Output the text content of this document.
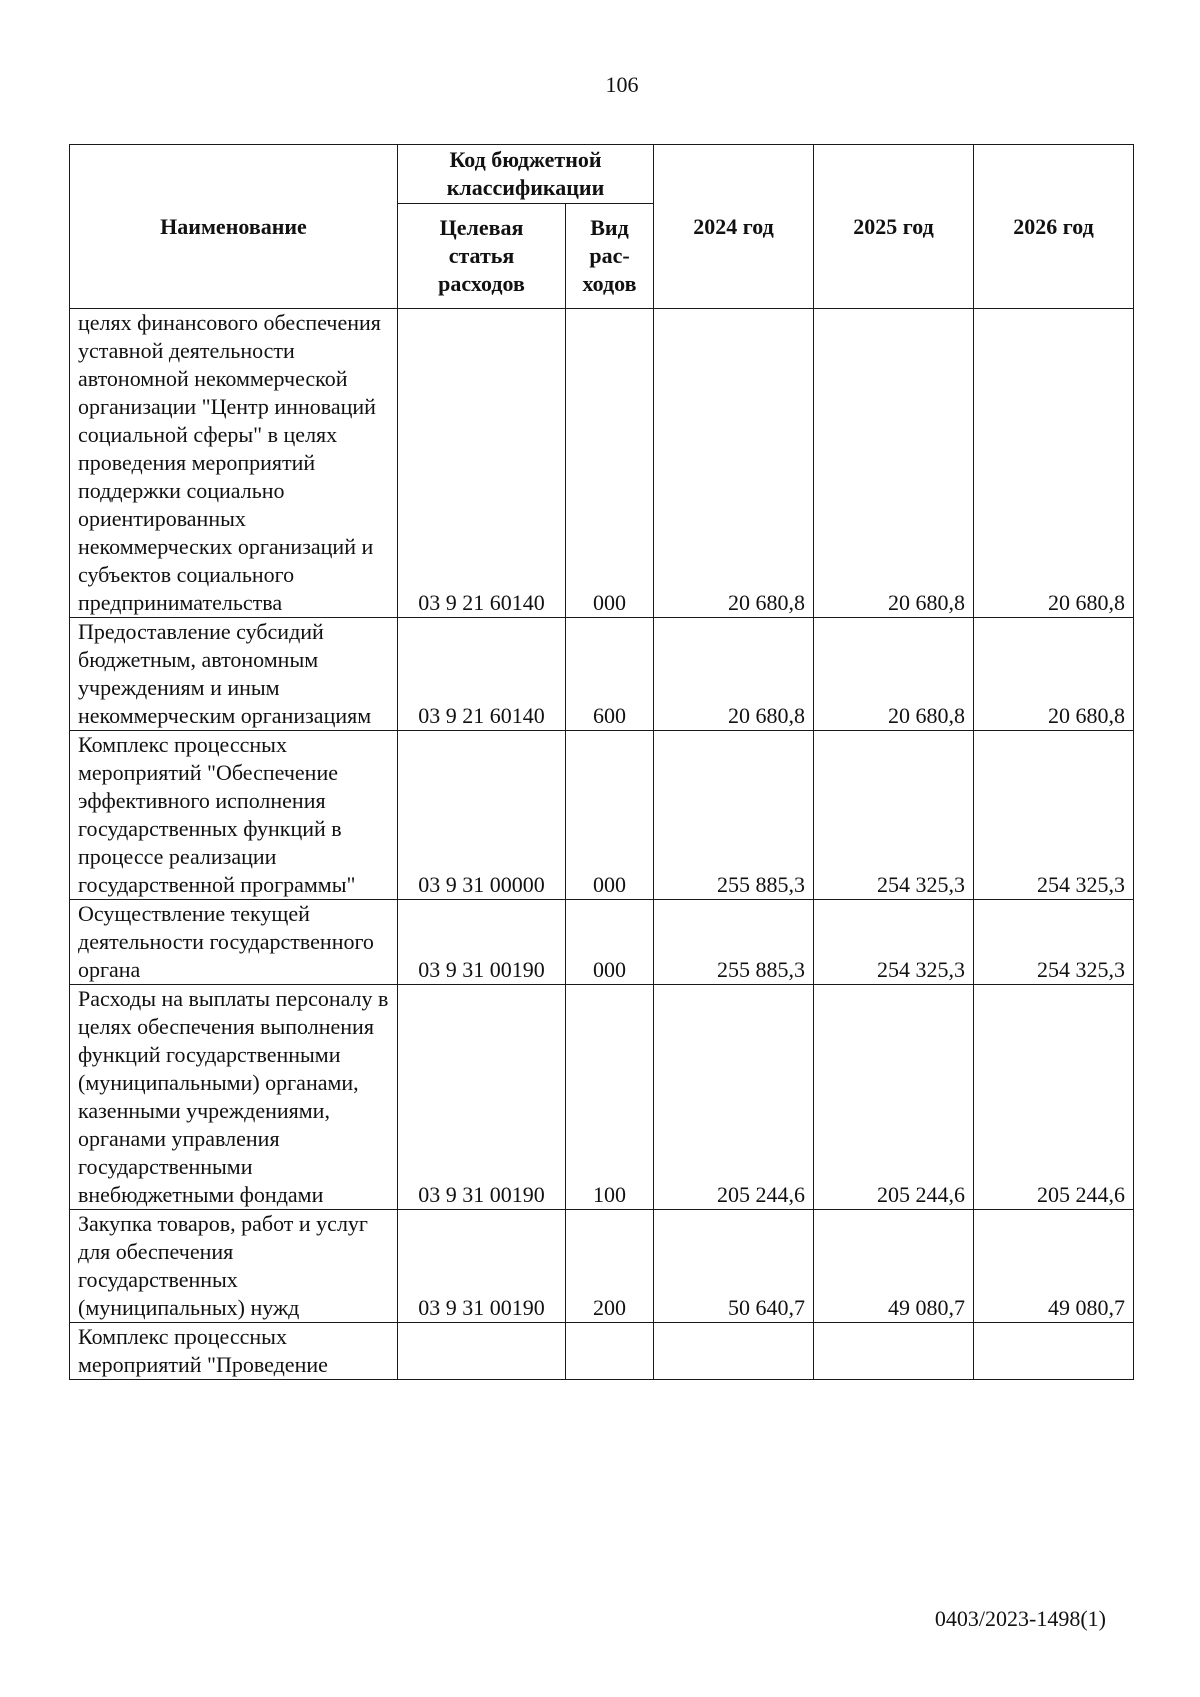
106
Наименование	Код бюджетной классификации		2024 год	2025 год	2026 год
	Целевая статья расходов	Вид рас-ходов			
целях финансового обеспечения уставной деятельности автономной некоммерческой организации "Центр инноваций социальной сферы" в целях проведения мероприятий поддержки социально ориентированных некоммерческих организаций и субъектов социального предпринимательства	03 9 21 60140	000	20 680,8	20 680,8	20 680,8
Предоставление субсидий бюджетным, автономным учреждениям и иным некоммерческим организациям	03 9 21 60140	600	20 680,8	20 680,8	20 680,8
Комплекс процессных мероприятий "Обеспечение эффективного исполнения государственных функций в процессе реализации государственной программы"	03 9 31 00000	000	255 885,3	254 325,3	254 325,3
Осуществление текущей деятельности государственного органа	03 9 31 00190	000	255 885,3	254 325,3	254 325,3
Расходы на выплаты персоналу в целях обеспечения выполнения функций государственными (муниципальными) органами, казенными учреждениями, органами управления государственными внебюджетными фондами	03 9 31 00190	100	205 244,6	205 244,6	205 244,6
Закупка товаров, работ и услуг для обеспечения государственных (муниципальных) нужд	03 9 31 00190	200	50 640,7	49 080,7	49 080,7
Комплекс процессных мероприятий "Проведение					
0403/2023-1498(1)
